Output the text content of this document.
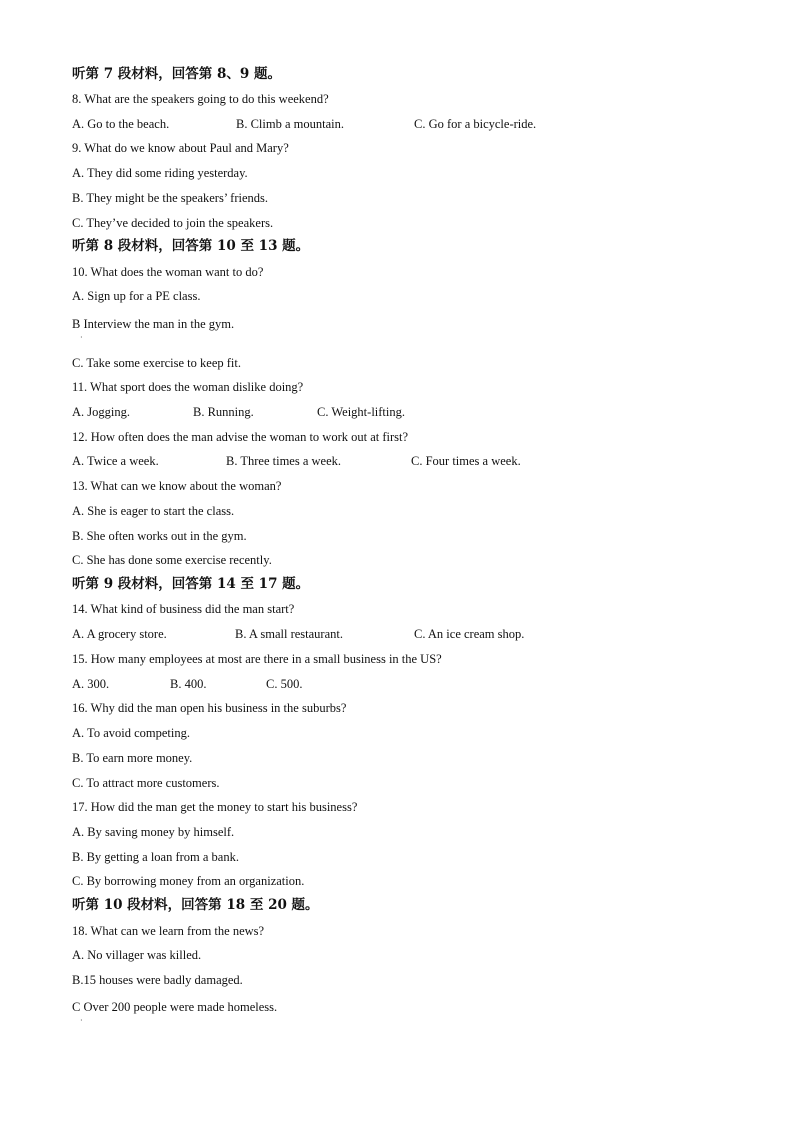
听第 7 段材料，回答第 8、9 题。
8. What are the speakers going to do this weekend?
A. Go to the beach.	B. Climb a mountain.	C. Go for a bicycle-ride.
9. What do we know about Paul and Mary?
A. They did some riding yesterday.
B. They might be the speakers’ friends.
C. They’ve decided to join the speakers.
听第 8 段材料，回答第 10 至 13 题。
10. What does the woman want to do?
A. Sign up for a PE class.
B Interview the man in the gym.
·
C. Take some exercise to keep fit.
11. What sport does the woman dislike doing?
A. Jogging.	B. Running.	C. Weight-lifting.
12. How often does the man advise the woman to work out at first?
A. Twice a week.	B. Three times a week.	C. Four times a week.
13. What can we know about the woman?
A. She is eager to start the class.
B. She often works out in the gym.
C. She has done some exercise recently.
听第 9 段材料，回答第 14 至 17 题。
14. What kind of business did the man start?
A. A grocery store.	B. A small restaurant.	C. An ice cream shop.
15. How many employees at most are there in a small business in the US?
A. 300.	B. 400.	C. 500.
16. Why did the man open his business in the suburbs?
A. To avoid competing.
B. To earn more money.
C. To attract more customers.
17. How did the man get the money to start his business?
A. By saving money by himself.
B. By getting a loan from a bank.
C. By borrowing money from an organization.
听第 10 段材料，回答第 18 至 20 题。
18. What can we learn from the news?
A. No villager was killed.
B.15 houses were badly damaged.
C Over 200 people were made homeless.
·
